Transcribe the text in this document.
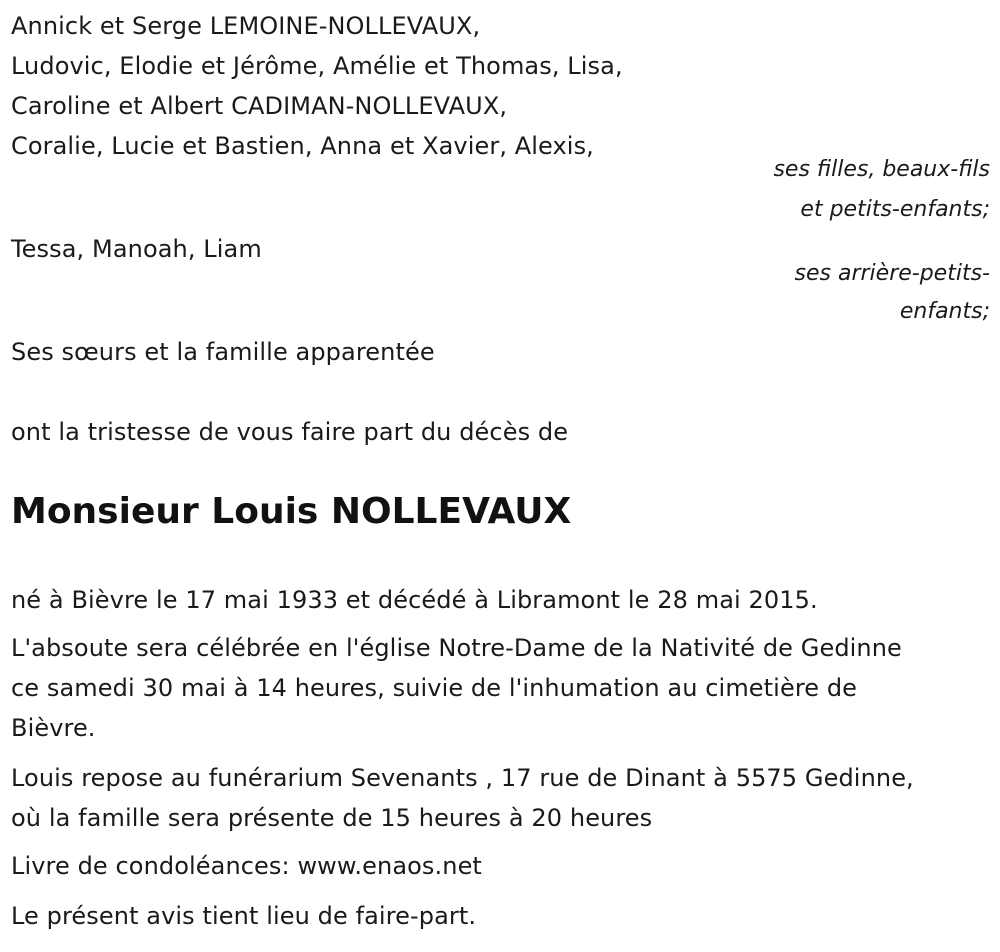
Annick et Serge LEMOINE-NOLLEVAUX,
Ludovic, Elodie et Jérôme, Amélie et Thomas, Lisa,
Caroline et Albert CADIMAN-NOLLEVAUX,
Coralie, Lucie et Bastien, Anna et Xavier, Alexis,
ses filles, beaux-fils
et petits-enfants;
Tessa, Manoah, Liam
ses arrière-petits-
enfants;
Ses sœurs et la famille apparentée
ont la tristesse de vous faire part du décès de
Monsieur Louis NOLLEVAUX
né à Bièvre le 17 mai 1933 et décédé à Libramont le 28 mai 2015.
L'absoute sera célébrée en l'église Notre-Dame de la Nativité de Gedinne
ce samedi 30 mai à 14 heures, suivie de l'inhumation au cimetière de
Bièvre.
Louis repose au funérarium Sevenants , 17 rue de Dinant à 5575 Gedinne,
où la famille sera présente de 15 heures à 20 heures
Livre de condoléances: www.enaos.net
Le présent avis tient lieu de faire-part.
